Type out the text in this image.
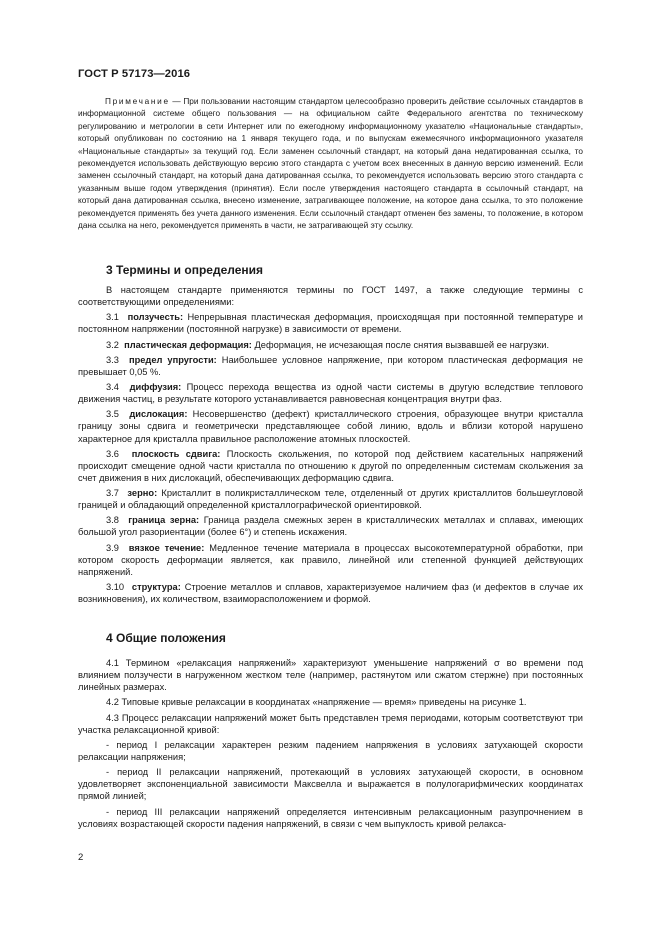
ГОСТ Р 57173—2016
Примечание — При пользовании настоящим стандартом целесообразно проверить действие ссылочных стандартов в информационной системе общего пользования — на официальном сайте Федерального агентства по техническому регулированию и метрологии в сети Интернет или по ежегодному информационному указателю «Национальные стандарты», который опубликован по состоянию на 1 января текущего года, и по выпускам ежемесячного информационного указателя «Национальные стандарты» за текущий год. Если заменен ссылочный стандарт, на который дана недатированная ссылка, то рекомендуется использовать действующую версию этого стандарта с учетом всех внесенных в данную версию изменений. Если заменен ссылочный стандарт, на который дана датированная ссылка, то рекомендуется использовать версию этого стандарта с указанным выше годом утверждения (принятия). Если после утверждения настоящего стандарта в ссылочный стандарт, на который дана датированная ссылка, внесено изменение, затрагивающее положение, на которое дана ссылка, то это положение рекомендуется применять без учета данного изменения. Если ссылочный стандарт отменен без замены, то положение, в котором дана ссылка на него, рекомендуется применять в части, не затрагивающей эту ссылку.
3 Термины и определения

В настоящем стандарте применяются термины по ГОСТ 1497, а также следующие термины с соответствующими определениями:

3.1 ползучесть: Непрерывная пластическая деформация, происходящая при постоянной температуре и постоянном напряжении (постоянной нагрузке) в зависимости от времени.

3.2 пластическая деформация: Деформация, не исчезающая после снятия вызвавшей ее нагрузки.

3.3 предел упругости: Наибольшее условное напряжение, при котором пластическая деформация не превышает 0,05 %.

3.4 диффузия: Процесс перехода вещества из одной части системы в другую вследствие теплового движения частиц, в результате которого устанавливается равновесная концентрация внутри фаз.

3.5 дислокация: Несовершенство (дефект) кристаллического строения, образующее внутри кристалла границу зоны сдвига и геометрически представляющее собой линию, вдоль и вблизи которой нарушено характерное для кристалла правильное расположение атомных плоскостей.

3.6 плоскость сдвига: Плоскость скольжения, по которой под действием касательных напряжений происходит смещение одной части кристалла по отношению к другой по определенным системам скольжения за счет движения в них дислокаций, обеспечивающих деформацию сдвига.

3.7 зерно: Кристаллит в поликристаллическом теле, отделенный от других кристаллитов большеугловой границей и обладающий определенной кристаллографической ориентировкой.

3.8 граница зерна: Граница раздела смежных зерен в кристаллических металлах и сплавах, имеющих большой угол разориентации (более 6°) и степень искажения.

3.9 вязкое течение: Медленное течение материала в процессах высокотемпературной обработки, при котором скорость деформации является, как правило, линейной или степенной функцией действующих напряжений.

3.10 структура: Строение металлов и сплавов, характеризуемое наличием фаз (и дефектов в случае их возникновения), их количеством, взаиморасположением и формой.

4 Общие положения

4.1 Термином «релаксация напряжений» характеризуют уменьшение напряжений σ во времени под влиянием ползучести в нагруженном жестком теле (например, растянутом или сжатом стержне) при постоянных линейных размерах.

4.2 Типовые кривые релаксации в координатах «напряжение — время» приведены на рисунке 1.

4.3 Процесс релаксации напряжений может быть представлен тремя периодами, которым соответствуют три участка релаксационной кривой:

- период I релаксации характерен резким падением напряжения в условиях затухающей скорости релаксации напряжения;

- период II релаксации напряжений, протекающий в условиях затухающей скорости, в основном удовлетворяет экспоненциальной зависимости Максвелла и выражается в полулогарифмических координатах прямой линией;

- период III релаксации напряжений определяется интенсивным релаксационным разупрочнением в условиях возрастающей скорости падения напряжений, в связи с чем выпуклость кривой релакса-

2
